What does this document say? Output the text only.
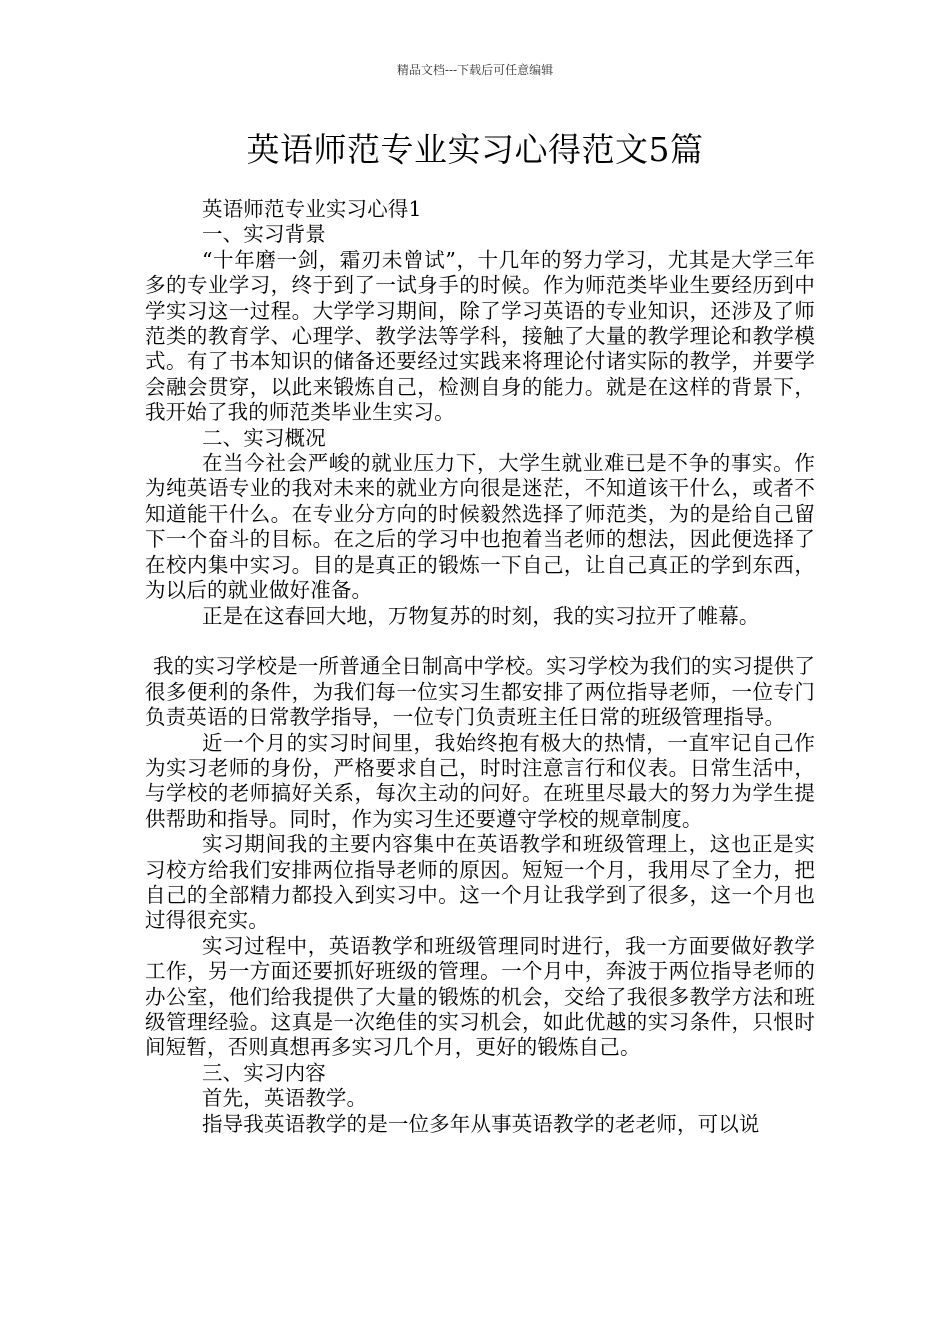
精品文档---下载后可任意编辑
英语师范专业实习心得范文5篇

英语师范专业实习心得1

一、实习背景

“十年磨一剑，霜刃未曾试”，十几年的努力学习，尤其是大学三年多的专业学习，终于到了一试身手的时候。作为师范类毕业生要经历到中学实习这一过程。大学学习期间，除了学习英语的专业知识，还涉及了师范类的教育学、心理学、教学法等学科，接触了大量的教学理论和教学模式。有了书本知识的储备还要经过实践来将理论付诸实际的教学，并要学会融会贯穿，以此来锻炼自己，检测自身的能力。就是在这样的背景下，我开始了我的师范类毕业生实习。

二、实习概况

在当今社会严峻的就业压力下，大学生就业难已是不争的事实。作为纯英语专业的我对未来的就业方向很是迷茫，不知道该干什么，或者不知道能干什么。在专业分方向的时候毅然选择了师范类，为的是给自己留下一个奋斗的目标。在之后的学习中也抱着当老师的想法，因此便选择了在校内集中实习。目的是真正的锻炼一下自己，让自己真正的学到东西，为以后的就业做好准备。

正是在这春回大地，万物复苏的时刻，我的实习拉开了帷幕。

我的实习学校是一所普通全日制高中学校。实习学校为我们的实习提供了很多便利的条件，为我们每一位实习生都安排了两位指导老师，一位专门负责英语的日常教学指导，一位专门负责班主任日常的班级管理指导。

近一个月的实习时间里，我始终抱有极大的热情，一直牢记自己作为实习老师的身份，严格要求自己，时时注意言行和仪表。日常生活中，与学校的老师搞好关系，每次主动的问好。在班里尽最大的努力为学生提供帮助和指导。同时，作为实习生还要遵守学校的规章制度。

实习期间我的主要内容集中在英语教学和班级管理上，这也正是实习校方给我们安排两位指导老师的原因。短短一个月，我用尽了全力，把自己的全部精力都投入到实习中。这一个月让我学到了很多，这一个月也过得很充实。

实习过程中，英语教学和班级管理同时进行，我一方面要做好教学工作，另一方面还要抓好班级的管理。一个月中，奔波于两位指导老师的办公室，他们给我提供了大量的锻炼的机会，交给了我很多教学方法和班级管理经验。这真是一次绝佳的实习机会，如此优越的实习条件，只恨时间短暂，否则真想再多实习几个月，更好的锻炼自己。

三、实习内容

首先，英语教学。

指导我英语教学的是一位多年从事英语教学的老老师，可以说
